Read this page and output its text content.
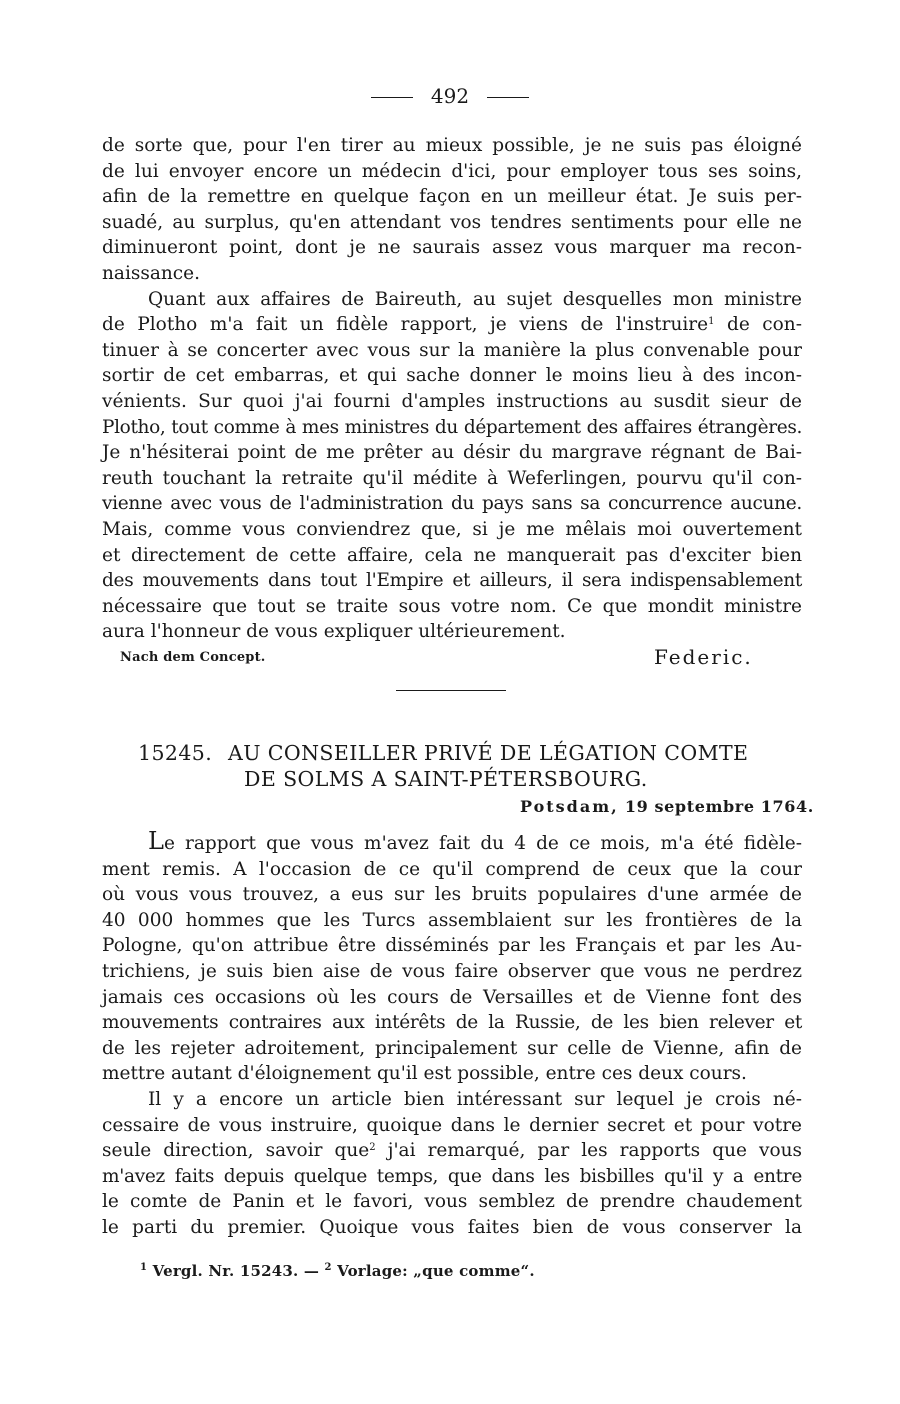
492
de sorte que, pour l'en tirer au mieux possible, je ne suis pas éloigné
de lui envoyer encore un médecin d'ici, pour employer tous ses soins,
afin de la remettre en quelque façon en un meilleur état. Je suis per-
suadé, au surplus, qu'en attendant vos tendres sentiments pour elle ne
diminueront point, dont je ne saurais assez vous marquer ma recon-
naissance.
Quant aux affaires de Baireuth, au sujet desquelles mon ministre
de Plotho m'a fait un fidèle rapport, je viens de l'instruire$^1$ de con-
tinuer à se concerter avec vous sur la manière la plus convenable pour
sortir de cet embarras, et qui sache donner le moins lieu à des incon-
vénients. Sur quoi j'ai fourni d'amples instructions au susdit sieur de
Plotho, tout comme à mes ministres du département des affaires étrangères.
Je n'hésiterai point de me prêter au désir du margrave régnant de Bai-
reuth touchant la retraite qu'il médite à Weferlingen, pourvu qu'il con-
vienne avec vous de l'administration du pays sans sa concurrence aucune.
Mais, comme vous conviendrez que, si je me mêlais moi ouvertement
et directement de cette affaire, cela ne manquerait pas d'exciter bien
des mouvements dans tout l'Empire et ailleurs, il sera indispensablement
nécessaire que tout se traite sous votre nom. Ce que mondit ministre
aura l'honneur de vous expliquer ultérieurement.
Nach dem Concept.	Federic.
15245. AU CONSEILLER PRIVÉ DE LÉGATION COMTE
DE SOLMS A SAINT-PÉTERSBOURG.
Potsdam, 19 septembre 1764.
Le rapport que vous m'avez fait du 4 de ce mois, m'a été fidèle-
ment remis. A l'occasion de ce qu'il comprend de ceux que la cour
où vous vous trouvez, a eus sur les bruits populaires d'une armée de
40 000 hommes que les Turcs assemblaient sur les frontières de la
Pologne, qu'on attribue être disséminés par les Français et par les Au-
trichiens, je suis bien aise de vous faire observer que vous ne perdrez
jamais ces occasions où les cours de Versailles et de Vienne font des
mouvements contraires aux intérêts de la Russie, de les bien relever et
de les rejeter adroitement, principalement sur celle de Vienne, afin de
mettre autant d'éloignement qu'il est possible, entre ces deux cours.
Il y a encore un article bien intéressant sur lequel je crois né-
cessaire de vous instruire, quoique dans le dernier secret et pour votre
seule direction, savoir que$^2$ j'ai remarqué, par les rapports que vous
m'avez faits depuis quelque temps, que dans les bisbilles qu'il y a entre
le comte de Panin et le favori, vous semblez de prendre chaudement
le parti du premier. Quoique vous faites bien de vous conserver la
$^1$ Vergl. Nr. 15243. — $^2$ Vorlage: „que comme“.
